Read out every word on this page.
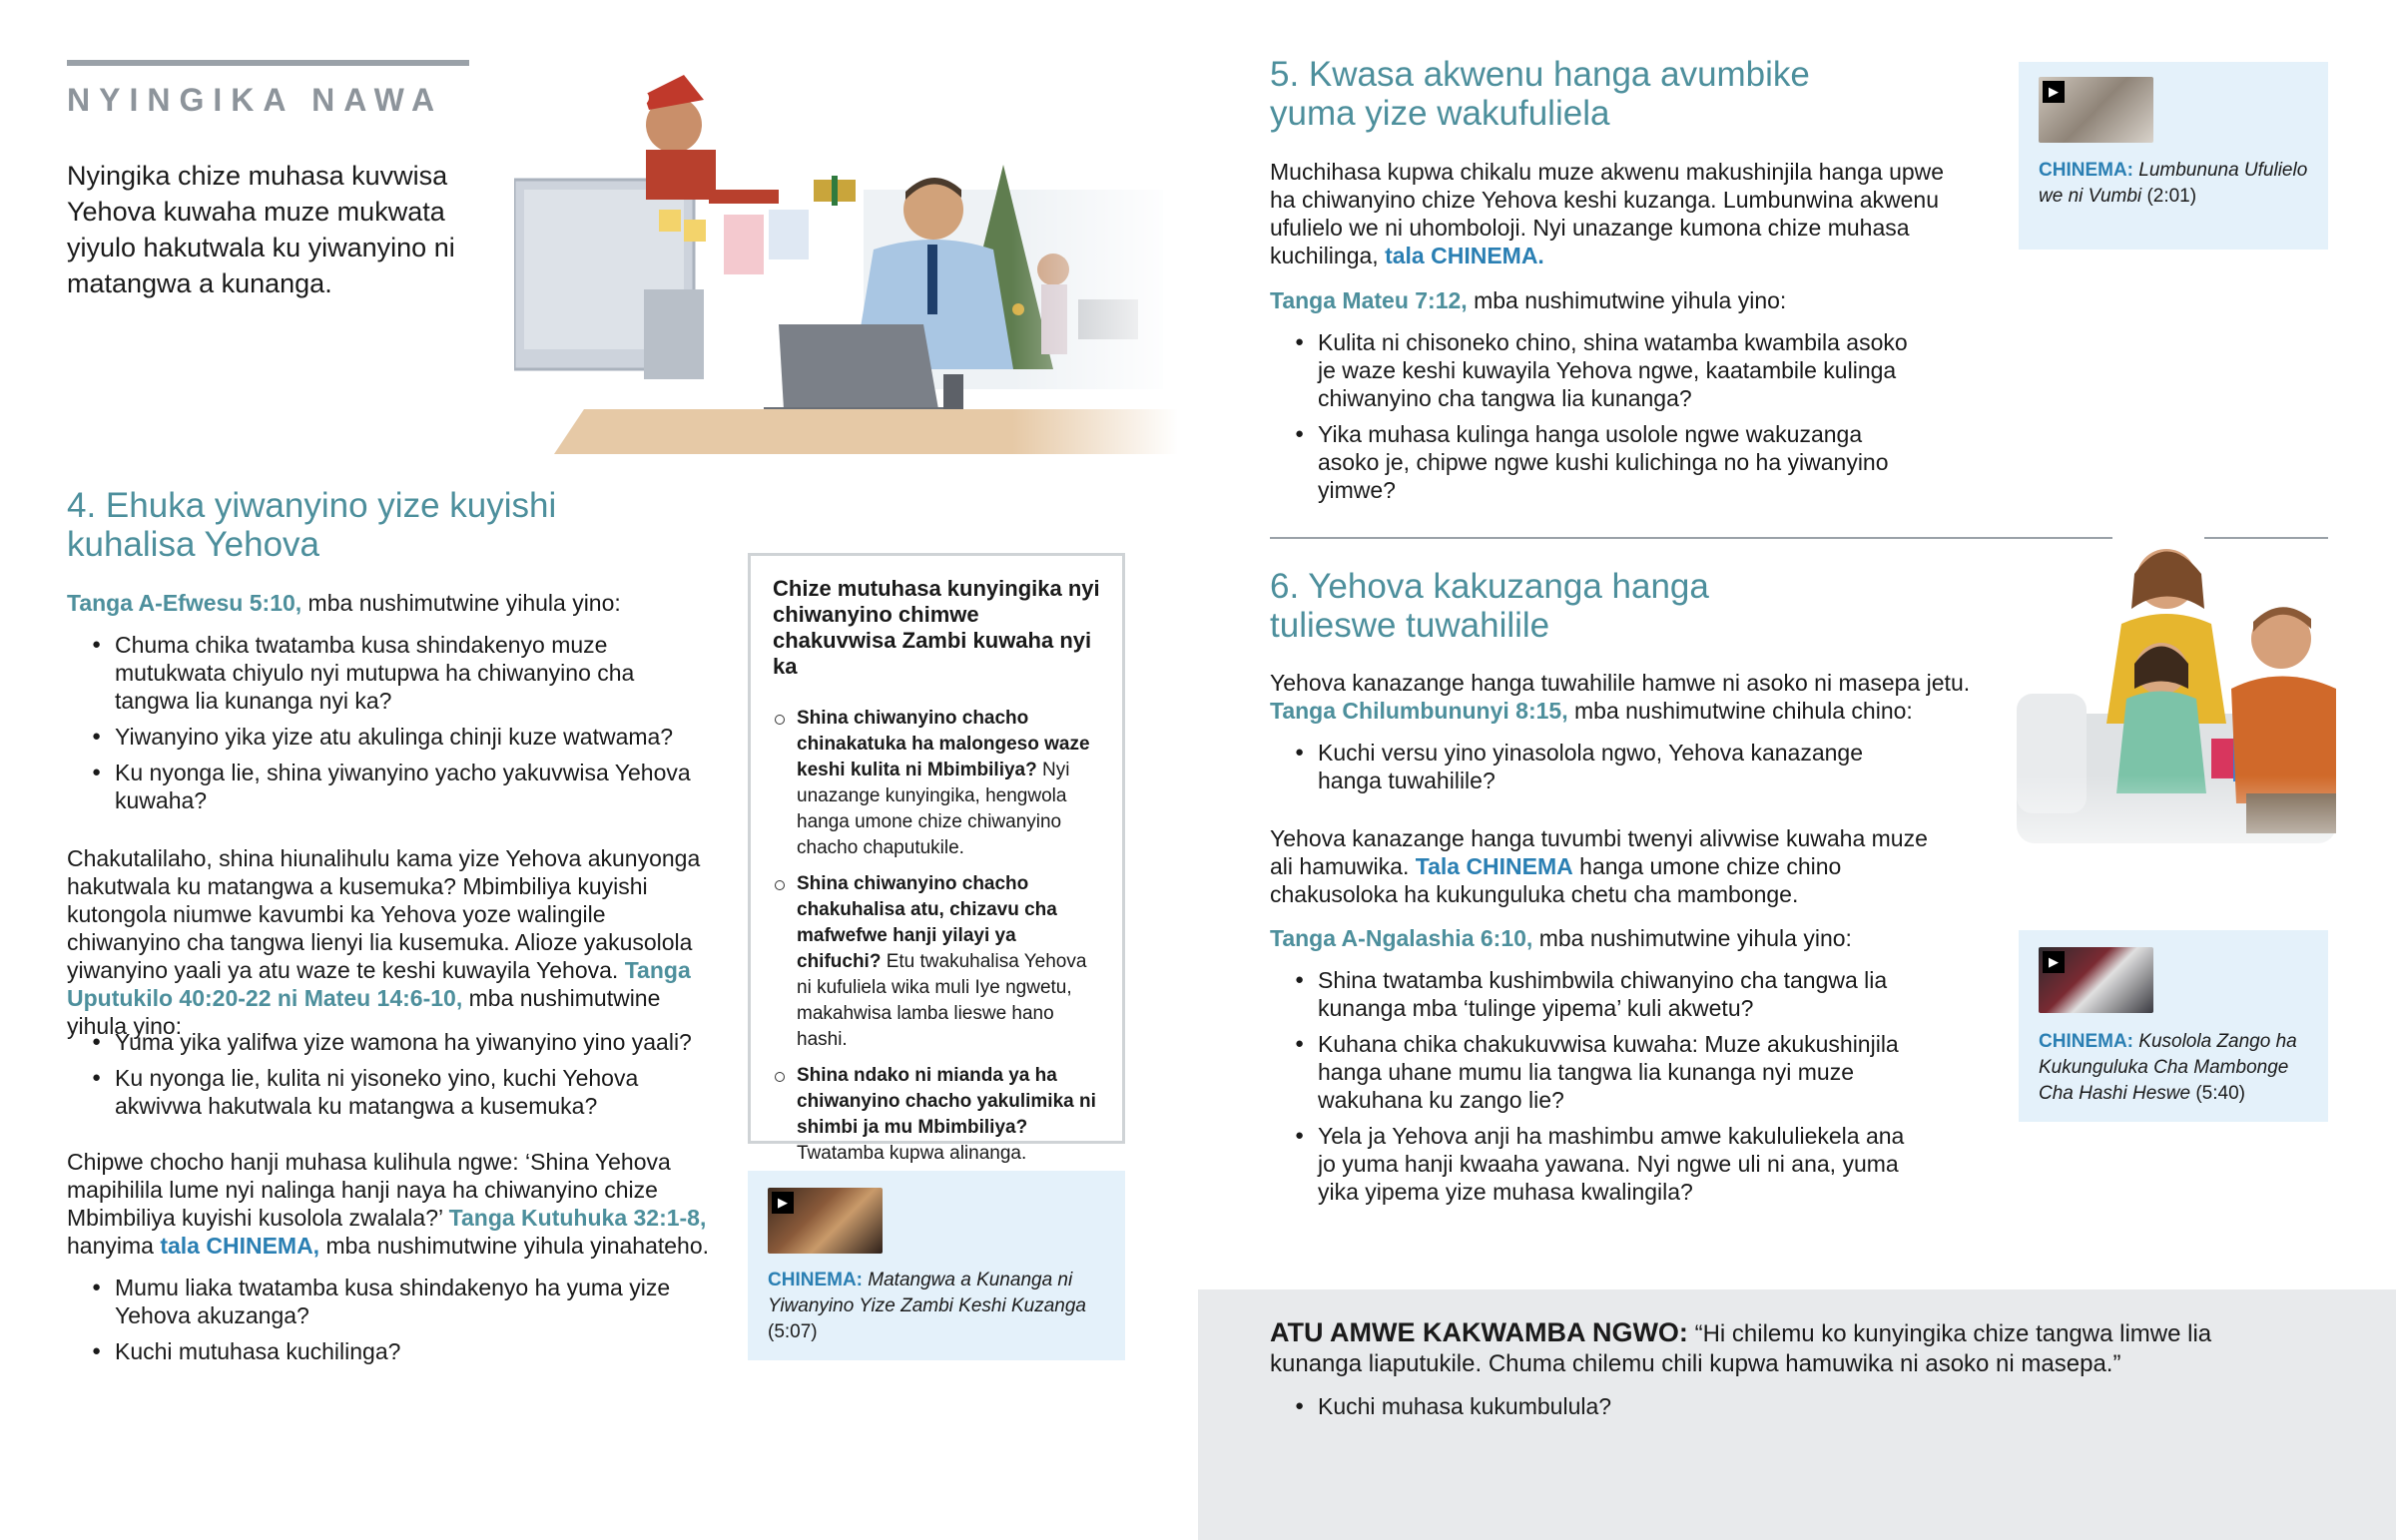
NYINGIKA NAWA

Nyingika chize muhasa kuvwisa Yehova kuwaha muze mukwata yiyulo hakutwala ku yiwanyino ni matangwa a kunanga.

4. Ehuka yiwanyino yize kuyishi
kuhalisa Yehova

Tanga A-Efwesu 5:10, mba nushimutwine yihula yino:

● Chuma chika twatamba kusa shindakenyo muze mutukwata chiyulo nyi mutupwa ha chiwanyino cha tangwa lia kunanga nyi ka?
● Yiwanyino yika yize atu akulinga chinji kuze watwama?
● Ku nyonga lie, shina yiwanyino yacho yakuvwisa Yehova kuwaha?

Chakutalilaho, shina hiunalihulu kama yize Yehova akunyonga hakutwala ku matangwa a kusemuka? Mbimbiliya kuyishi kutongola niumwe kavumbi ka Yehova yoze walingile chiwanyino cha tangwa lienyi lia kusemuka. Alioze yakusolola yiwanyino yaali ya atu waze te keshi kuwayila Yehova. Tanga Uputukilo 40:20-22 ni Mateu 14:6-10, mba nushimutwine yihula yino:

● Yuma yika yalifwa yize wamona ha yiwanyino yino yaali?
● Ku nyonga lie, kulita ni yisoneko yino, kuchi Yehova akwivwa hakutwala ku matangwa a kusemuka?

Chipwe chocho hanji muhasa kulihula ngwe: ‘Shina Yehova mapihilila lume nyi nalinga hanji naya ha chiwanyino chize Mbimbiliya kuyishi kusolola zwalala?’ Tanga Kutuhuka 32:1-8, hanyima tala CHINEMA, mba nushimutwine yihula yinahateho.

● Mumu liaka twatamba kusa shindakenyo ha yuma yize Yehova akuzanga?
● Kuchi mutuhasa kuchilinga?
Chize mutuhasa kunyingika nyi chiwanyino chimwe chakuvwisa Zambi kuwaha nyi ka
Shina chiwanyino chacho chinakatuka ha malongeso waze keshi kulita ni Mbimbiliya? Nyi unazange kunyingika, hengwola hanga umone chize chiwanyino chacho chaputukile.
Shina chiwanyino chacho chakuhalisa atu, chizavu cha mafwefwe hanji yilayi ya chifuchi? Etu twakuhalisa Yehova ni kufuliela wika muli Iye ngwetu, makahwisa lamba lieswe hano hashi.
Shina ndako ni mianda ya ha chiwanyino chacho yakulimika ni shimbi ja mu Mbimbiliya? Twatamba kupwa alinanga.
▶

CHINEMA: Matangwa a Kunanga ni Yiwanyino Yize Zambi Keshi Kuzanga (5:07)

5. Kwasa akwenu hanga avumbike
yuma yize wakufuliela

Muchihasa kupwa chikalu muze akwenu makushinjila hanga upwe ha chiwanyino chize Yehova keshi kuzanga. Lumbunwina akwenu ufulielo we ni uhomboloji. Nyi unazange kumona chize muhasa kuchilinga, tala CHINEMA.

Tanga Mateu 7:12, mba nushimutwine yihula yino:

● Kulita ni chisoneko chino, shina watamba kwambila asoko je waze keshi kuwayila Yehova ngwe, kaatambile kulinga chiwanyino cha tangwa lia kunanga?
● Yika muhasa kulinga hanga usolole ngwe wakuzanga asoko je, chipwe ngwe kushi kulichinga no ha yiwanyino yimwe?
▶

CHINEMA: Lumbununa Ufulielo we ni Vumbi (2:01)

6. Yehova kakuzanga hanga
tulieswe tuwahilile

Yehova kanazange hanga tuwahilile hamwe ni asoko ni masepa jetu. Tanga Chilumbununyi 8:15, mba nushimutwine chihula chino:

● Kuchi versu yino yinasolola ngwo, Yehova kanazange hanga tuwahilile?

Yehova kanazange hanga tuvumbi twenyi alivwise kuwaha muze ali hamuwika. Tala CHINEMA hanga umone chize chino chakusoloka ha kukunguluka chetu cha mambonge.

Tanga A-Ngalashia 6:10, mba nushimutwine yihula yino:

● Shina twatamba kushimbwila chiwanyino cha tangwa lia kunanga mba ‘tulinge yipema’ kuli akwetu?
● Kuhana chika chakukuvwisa kuwaha: Muze akukushinjila hanga uhane mumu lia tangwa lia kunanga nyi muze wakuhana ku zango lie?
● Yela ja Yehova anji ha mashimbu amwe kakululiekela ana jo yuma hanji kwaaha yawana. Nyi ngwe uli ni ana, yuma yika yipema yize muhasa kwalingila?
▶

CHINEMA: Kusolola Zango ha Kukunguluka Cha Mambonge Cha Hashi Heswe (5:40)

ATU AMWE KAKWAMBA NGWO: “Hi chilemu ko kunyingika chize tangwa limwe lia kunanga liaputukile. Chuma chilemu chili kupwa hamuwika ni asoko ni masepa.”

● Kuchi muhasa kukumbulula?
